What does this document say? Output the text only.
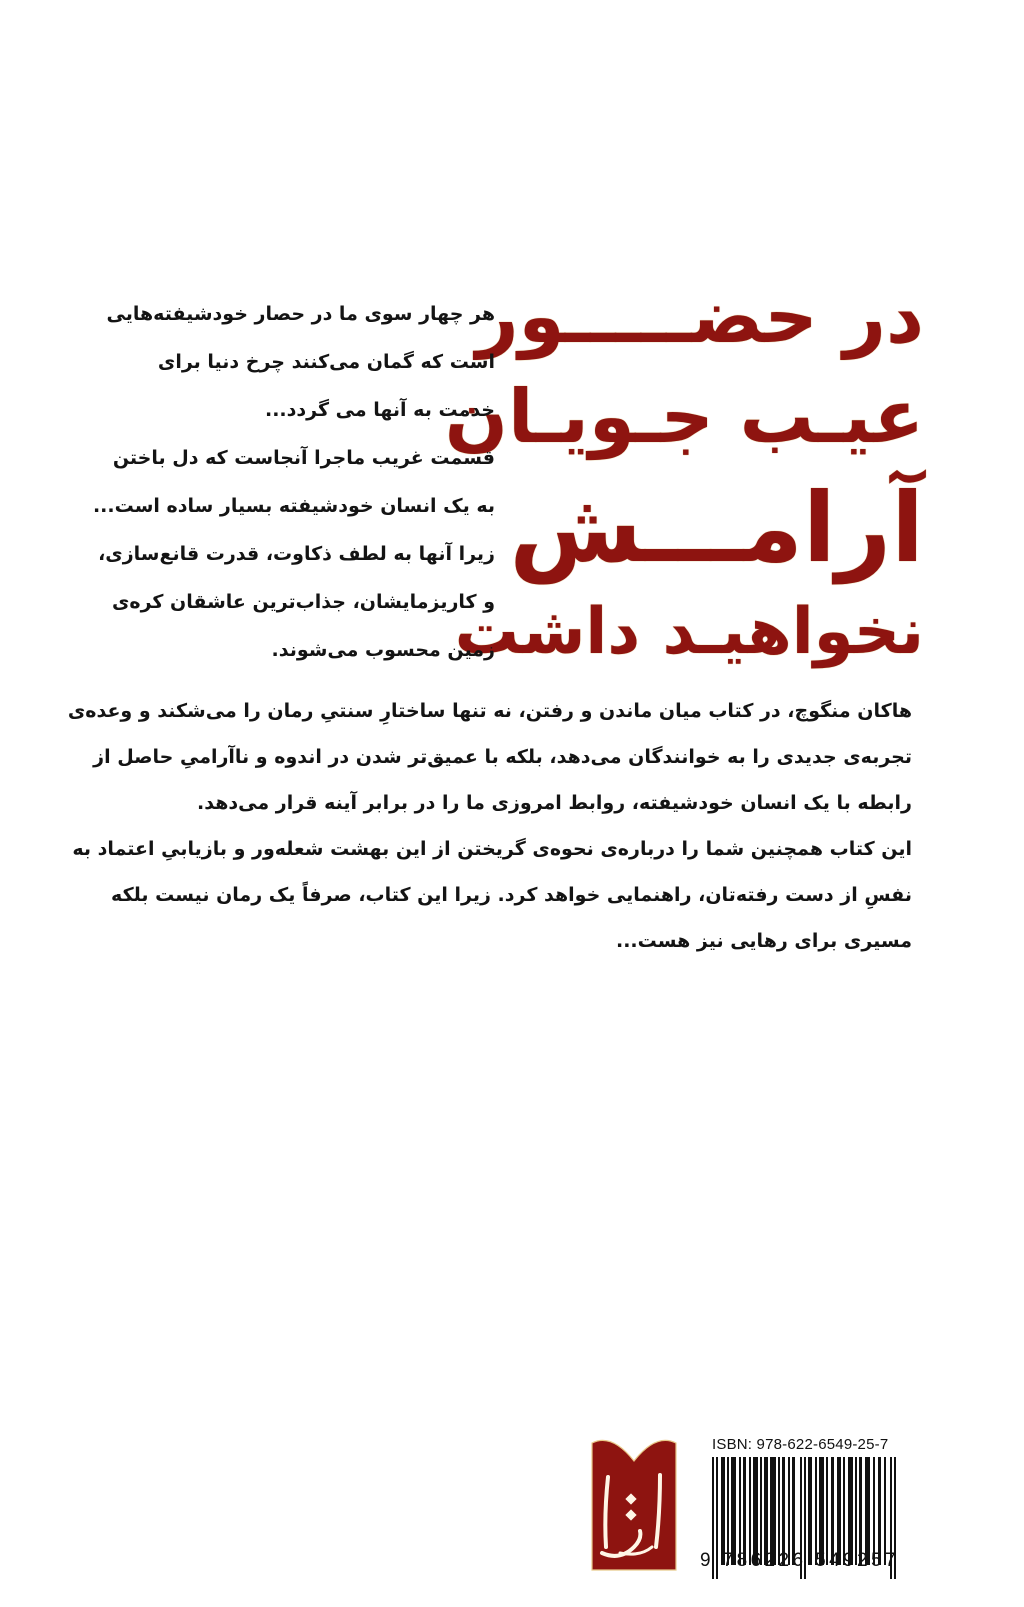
در حضـــــور
عیـب جـویـان
آرامـــش
نخواهیـد داشت
هر چهار سوی ما در حصار خودشیفته‌هایی
است که گمان می‌کنند چرخ دنیا برای
خدمت به آنها می گردد...
قسمت غریب ماجرا آنجاست که دل باختن
به یک انسان خودشیفته بسیار ساده است...
زیرا آنها به لطف ذکاوت، قدرت قانع‌سازی،
و کاریزمایشان، جذاب‌ترین عاشقان کره‌ی
زمین محسوب می‌شوند.
هاکان منگوچ، در کتاب میان ماندن و رفتن، نه تنها ساختارِ سنتیِ رمان را می‌شکند و وعده‌ی
تجربه‌ی جدیدی را به خوانندگان می‌دهد، بلکه با عمیق‌تر شدن در اندوه و ناآرامیِ حاصل از
رابطه با یک انسان خودشیفته، روابط امروزی ما را در برابر آینه قرار می‌دهد.
این کتاب همچنین شما را درباره‌ی نحوه‌ی گریختن از این بهشت شعله‌ور و بازیابیِ اعتماد به
نفسِ از دست رفته‌تان، راهنمایی خواهد کرد. زیرا این کتاب، صرفاً یک رمان نیست بلکه
مسیری برای رهایی نیز هست...
ISBN: 978-622-6549-25-7
9 786226 549257
